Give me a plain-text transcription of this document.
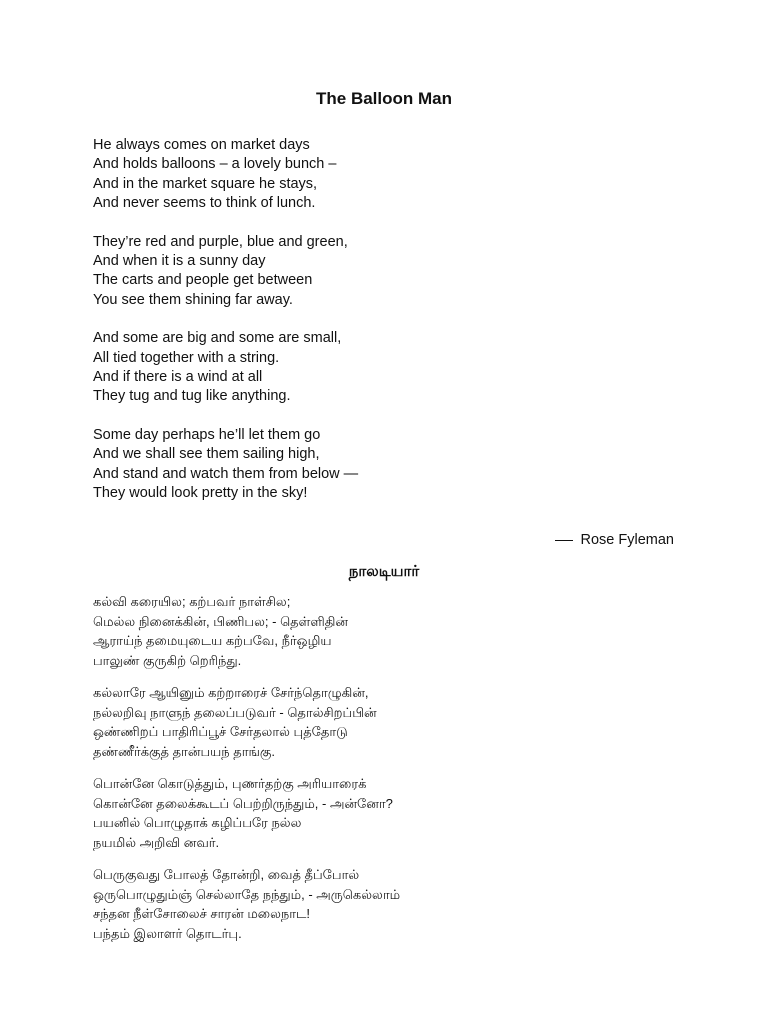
The Balloon Man
He always comes on market days
And holds balloons – a lovely bunch –
And in the market square he stays,
And never seems to think of lunch.
They’re red and purple, blue and green,
And when it is a sunny day
The carts and people get between
You see them shining far away.
And some are big and some are small,
All tied together with a string.
And if there is a wind at all
They tug and tug like anything.
Some day perhaps he’ll let them go
And we shall see them sailing high,
And stand and watch them from below —
They would look pretty in the sky!
Rose Fyleman
நாலடியார்
கல்வி கரையில; கற்பவர் நாள்சில;
மெல்ல நினைக்கின், பிணிபல; - தெள்ளிதின்
ஆராய்ந் தமையுடைய கற்பவே, நீர்ஒழிய
பாலுண் குருகிற் றெரிந்து.
கல்லாரே ஆயினும் கற்றாரைச் சேர்ந்தொழுகின்,
நல்லறிவு நாளுந் தலைப்படுவர் - தொல்சிறப்பின்
ஒண்ணிறப் பாதிரிப்பூச் சேர்தலால் புத்தோடு
தண்ணீர்க்குத் தான்பயந் தாங்கு.
பொன்னே கொடுத்தும், புணர்தற்கு அரியாரைக்
கொன்னே தலைக்கூடப் பெற்றிருந்தும், - அன்னோ?
பயனில் பொழுதாக் கழிப்பரே நல்ல
நயமில் அறிவி னவர்.
பெருகுவது போலத் தோன்றி, வைத் தீப்போல்
ஒருபொழுதும்ஞ் செல்லாதே நந்தும், - அருகெல்லாம்
சந்தன நீள்சோலைச் சாரன் மலைநாட!
பந்தம் இலாளர் தொடர்பு.
